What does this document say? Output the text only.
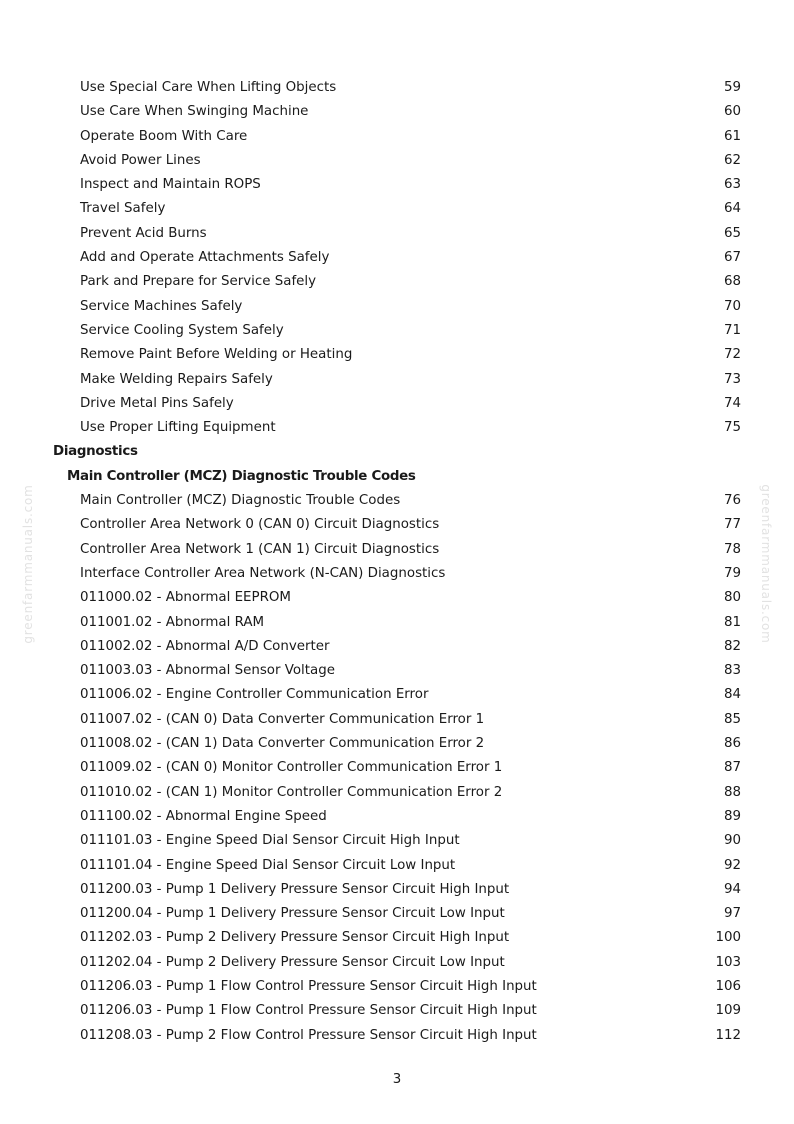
greenfarmmanuals.com	greenfarmmanuals.com
Use Special Care When Lifting Objects	59
Use Care When Swinging Machine	60
Operate Boom With Care	61
Avoid Power Lines	62
Inspect and Maintain ROPS	63
Travel Safely	64
Prevent Acid Burns	65
Add and Operate Attachments Safely	67
Park and Prepare for Service Safely	68
Service Machines Safely	70
Service Cooling System Safely	71
Remove Paint Before Welding or Heating	72
Make Welding Repairs Safely	73
Drive Metal Pins Safely	74
Use Proper Lifting Equipment	75
Diagnostics
Main Controller (MCZ) Diagnostic Trouble Codes
Main Controller (MCZ) Diagnostic Trouble Codes	76
Controller Area Network 0 (CAN 0) Circuit Diagnostics	77
Controller Area Network 1 (CAN 1) Circuit Diagnostics	78
Interface Controller Area Network (N-CAN) Diagnostics	79
011000.02 - Abnormal EEPROM	80
011001.02 - Abnormal RAM	81
011002.02 - Abnormal A/D Converter	82
011003.03 - Abnormal Sensor Voltage	83
011006.02 - Engine Controller Communication Error	84
011007.02 - (CAN 0) Data Converter Communication Error 1	85
011008.02 - (CAN 1) Data Converter Communication Error 2	86
011009.02 - (CAN 0) Monitor Controller Communication Error 1	87
011010.02 - (CAN 1) Monitor Controller Communication Error 2	88
011100.02 - Abnormal Engine Speed	89
011101.03 - Engine Speed Dial Sensor Circuit High Input	90
011101.04 - Engine Speed Dial Sensor Circuit Low Input	92
011200.03 - Pump 1 Delivery Pressure Sensor Circuit High Input	94
011200.04 - Pump 1 Delivery Pressure Sensor Circuit Low Input	97
011202.03 - Pump 2 Delivery Pressure Sensor Circuit High Input	100
011202.04 - Pump 2 Delivery Pressure Sensor Circuit Low Input	103
011206.03 - Pump 1 Flow Control Pressure Sensor Circuit High Input	106
011206.03 - Pump 1 Flow Control Pressure Sensor Circuit High Input	109
011208.03 - Pump 2 Flow Control Pressure Sensor Circuit High Input	112
3
